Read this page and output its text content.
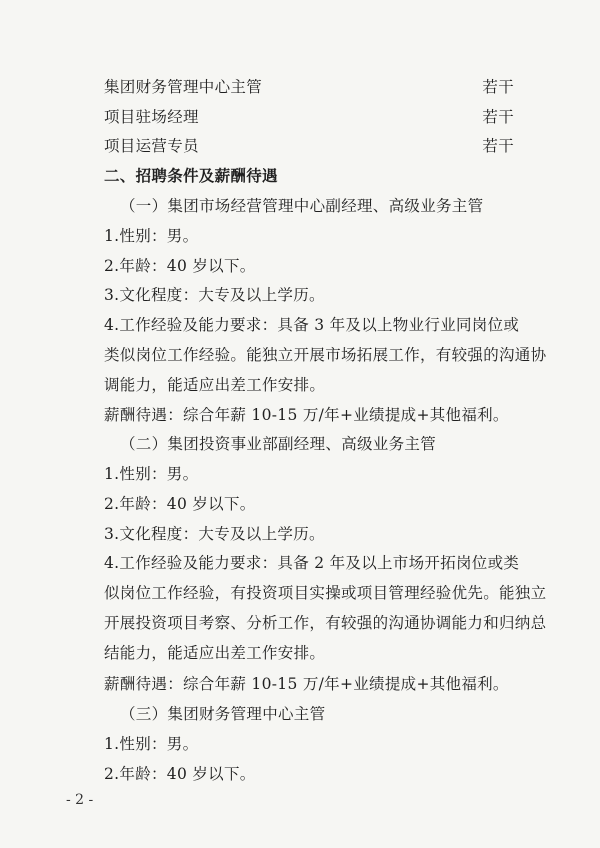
集团财务管理中心主管	若干
项目驻场经理	若干
项目运营专员	若干
二、招聘条件及薪酬待遇
（一）集团市场经营管理中心副经理、高级业务主管
1.性别：男。
2.年龄：40 岁以下。
3.文化程度：大专及以上学历。
4.工作经验及能力要求：具备 3 年及以上物业行业同岗位或
类似岗位工作经验。能独立开展市场拓展工作，有较强的沟通协
调能力，能适应出差工作安排。
薪酬待遇：综合年薪 10-15 万/年+业绩提成+其他福利。
（二）集团投资事业部副经理、高级业务主管
1.性别：男。
2.年龄：40 岁以下。
3.文化程度：大专及以上学历。
4.工作经验及能力要求：具备 2 年及以上市场开拓岗位或类
似岗位工作经验，有投资项目实操或项目管理经验优先。能独立
开展投资项目考察、分析工作，有较强的沟通协调能力和归纳总
结能力，能适应出差工作安排。
薪酬待遇：综合年薪 10-15 万/年+业绩提成+其他福利。
（三）集团财务管理中心主管
1.性别：男。
2.年龄：40 岁以下。
- 2 -
